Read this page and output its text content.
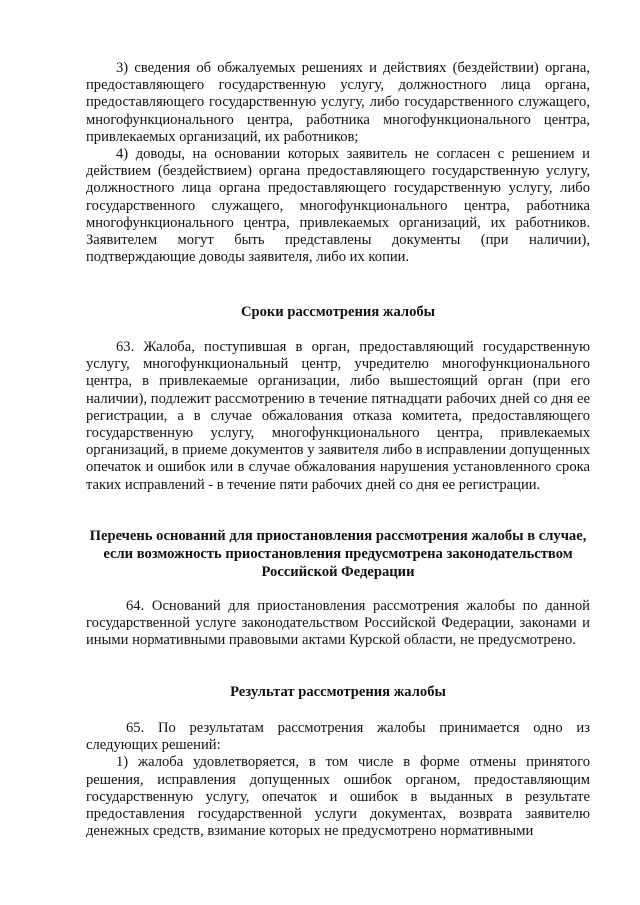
3) сведения об обжалуемых решениях и действиях (бездействии) органа, предоставляющего государственную услугу, должностного лица органа, предоставляющего государственную услугу, либо государственного служащего, многофункционального центра, работника многофункционального центра, привлекаемых организаций, их работников;

4) доводы, на основании которых заявитель не согласен с решением и действием (бездействием) органа предоставляющего государственную услугу, должностного лица органа предоставляющего государственную услугу, либо государственного служащего, многофункционального центра, работника многофункционального центра, привлекаемых организаций, их работников. Заявителем могут быть представлены документы (при наличии), подтверждающие доводы заявителя, либо их копии.

Сроки рассмотрения жалобы

63. Жалоба, поступившая в орган, предоставляющий государственную услугу, многофункциональный центр, учредителю многофункционального центра, в привлекаемые организации, либо вышестоящий орган (при его наличии), подлежит рассмотрению в течение пятнадцати рабочих дней со дня ее регистрации, а в случае обжалования отказа комитета, предоставляющего государственную услугу, многофункционального центра, привлекаемых организаций, в приеме документов у заявителя либо в исправлении допущенных опечаток и ошибок или в случае обжалования нарушения установленного срока таких исправлений - в течение пяти рабочих дней со дня ее регистрации.

Перечень оснований для приостановления рассмотрения жалобы в случае, если возможность приостановления предусмотрена законодательством Российской Федерации

64. Оснований для приостановления рассмотрения жалобы по данной государственной услуге законодательством Российской Федерации, законами и иными нормативными правовыми актами Курской области, не предусмотрено.

Результат рассмотрения жалобы

65. По результатам рассмотрения жалобы принимается одно из следующих решений:

1) жалоба удовлетворяется, в том числе в форме отмены принятого решения, исправления допущенных ошибок органом, предоставляющим государственную услугу, опечаток и ошибок в выданных в результате предоставления государственной услуги документах, возврата заявителю денежных средств, взимание которых не предусмотрено нормативными
